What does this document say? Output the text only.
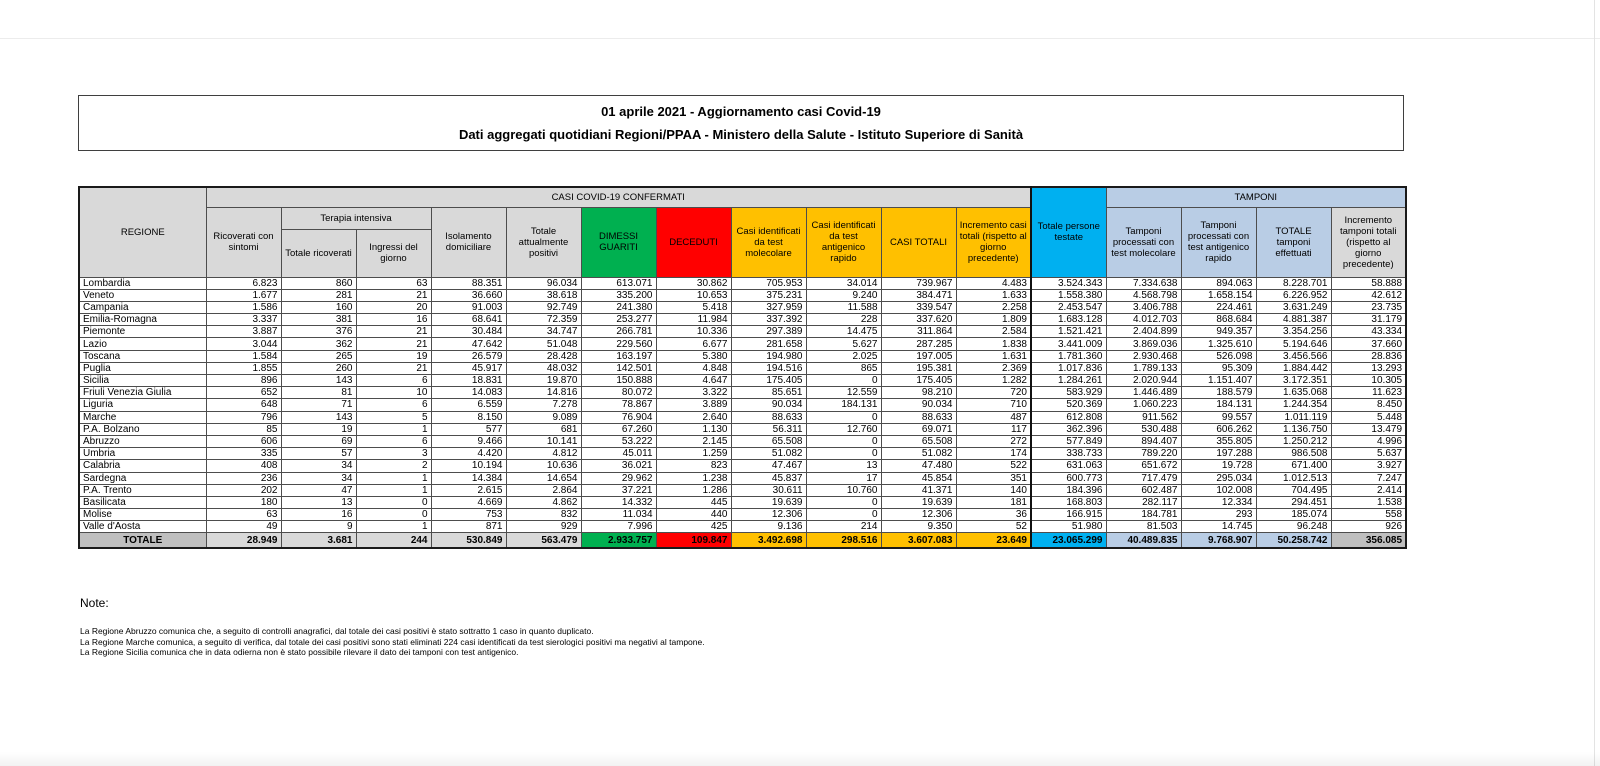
01 aprile 2021 - Aggiornamento casi Covid-19
Dati aggregati quotidiani Regioni/PPAA - Ministero della Salute - Istituto Superiore di Sanità
REGIONE	CASI COVID-19 CONFERMATI											Totale persone testate	TAMPONI			
	Ricoverati con sintomi	Terapia intensiva		Isolamento domiciliare	Totale attualmente positivi	DIMESSI GUARITI	DECEDUTI	Casi identificati da test molecolare	Casi identificati da test antigenico rapido	CASI TOTALI	Incremento casi totali (rispetto al giorno precedente)		Tamponi processati con test molecolare	Tamponi processati con test antigenico rapido	TOTALE tamponi effettuati	Incremento tamponi totali (rispetto al giorno precedente)
		Totale ricoverati	Ingressi del giorno													
Lombardia	6.823	860	63	88.351	96.034	613.071	30.862	705.953	34.014	739.967	4.483	3.524.343	7.334.638	894.063	8.228.701	58.888
Veneto	1.677	281	21	36.660	38.618	335.200	10.653	375.231	9.240	384.471	1.633	1.558.380	4.568.798	1.658.154	6.226.952	42.612
Campania	1.586	160	20	91.003	92.749	241.380	5.418	327.959	11.588	339.547	2.258	2.453.547	3.406.788	224.461	3.631.249	23.735
Emilia-Romagna	3.337	381	16	68.641	72.359	253.277	11.984	337.392	228	337.620	1.809	1.683.128	4.012.703	868.684	4.881.387	31.179
Piemonte	3.887	376	21	30.484	34.747	266.781	10.336	297.389	14.475	311.864	2.584	1.521.421	2.404.899	949.357	3.354.256	43.334
Lazio	3.044	362	21	47.642	51.048	229.560	6.677	281.658	5.627	287.285	1.838	3.441.009	3.869.036	1.325.610	5.194.646	37.660
Toscana	1.584	265	19	26.579	28.428	163.197	5.380	194.980	2.025	197.005	1.631	1.781.360	2.930.468	526.098	3.456.566	28.836
Puglia	1.855	260	21	45.917	48.032	142.501	4.848	194.516	865	195.381	2.369	1.017.836	1.789.133	95.309	1.884.442	13.293
Sicilia	896	143	6	18.831	19.870	150.888	4.647	175.405	0	175.405	1.282	1.284.261	2.020.944	1.151.407	3.172.351	10.305
Friuli Venezia Giulia	652	81	10	14.083	14.816	80.072	3.322	85.651	12.559	98.210	720	583.929	1.446.489	188.579	1.635.068	11.623
Liguria	648	71	6	6.559	7.278	78.867	3.889	90.034	184.131	90.034	710	520.369	1.060.223	184.131	1.244.354	8.450
Marche	796	143	5	8.150	9.089	76.904	2.640	88.633	0	88.633	487	612.808	911.562	99.557	1.011.119	5.448
P.A. Bolzano	85	19	1	577	681	67.260	1.130	56.311	12.760	69.071	117	362.396	530.488	606.262	1.136.750	13.479
Abruzzo	606	69	6	9.466	10.141	53.222	2.145	65.508	0	65.508	272	577.849	894.407	355.805	1.250.212	4.996
Umbria	335	57	3	4.420	4.812	45.011	1.259	51.082	0	51.082	174	338.733	789.220	197.288	986.508	5.637
Calabria	408	34	2	10.194	10.636	36.021	823	47.467	13	47.480	522	631.063	651.672	19.728	671.400	3.927
Sardegna	236	34	1	14.384	14.654	29.962	1.238	45.837	17	45.854	351	600.773	717.479	295.034	1.012.513	7.247
P.A. Trento	202	47	1	2.615	2.864	37.221	1.286	30.611	10.760	41.371	140	184.396	602.487	102.008	704.495	2.414
Basilicata	180	13	0	4.669	4.862	14.332	445	19.639	0	19.639	181	168.803	282.117	12.334	294.451	1.538
Molise	63	16	0	753	832	11.034	440	12.306	0	12.306	36	166.915	184.781	293	185.074	558
Valle d'Aosta	49	9	1	871	929	7.996	425	9.136	214	9.350	52	51.980	81.503	14.745	96.248	926
TOTALE	28.949	3.681	244	530.849	563.479	2.933.757	109.847	3.492.698	298.516	3.607.083	23.649	23.065.299	40.489.835	9.768.907	50.258.742	356.085
Note:
La Regione Abruzzo comunica che, a seguito di controlli anagrafici, dal totale dei casi positivi è stato sottratto 1 caso in quanto duplicato.
La Regione Marche comunica, a seguito di verifica, dal totale dei casi positivi sono stati eliminati 224 casi identificati da test sierologici positivi ma negativi al tampone.
La Regione Sicilia comunica che in data odierna non è stato possibile rilevare il dato dei tamponi con test antigenico.
